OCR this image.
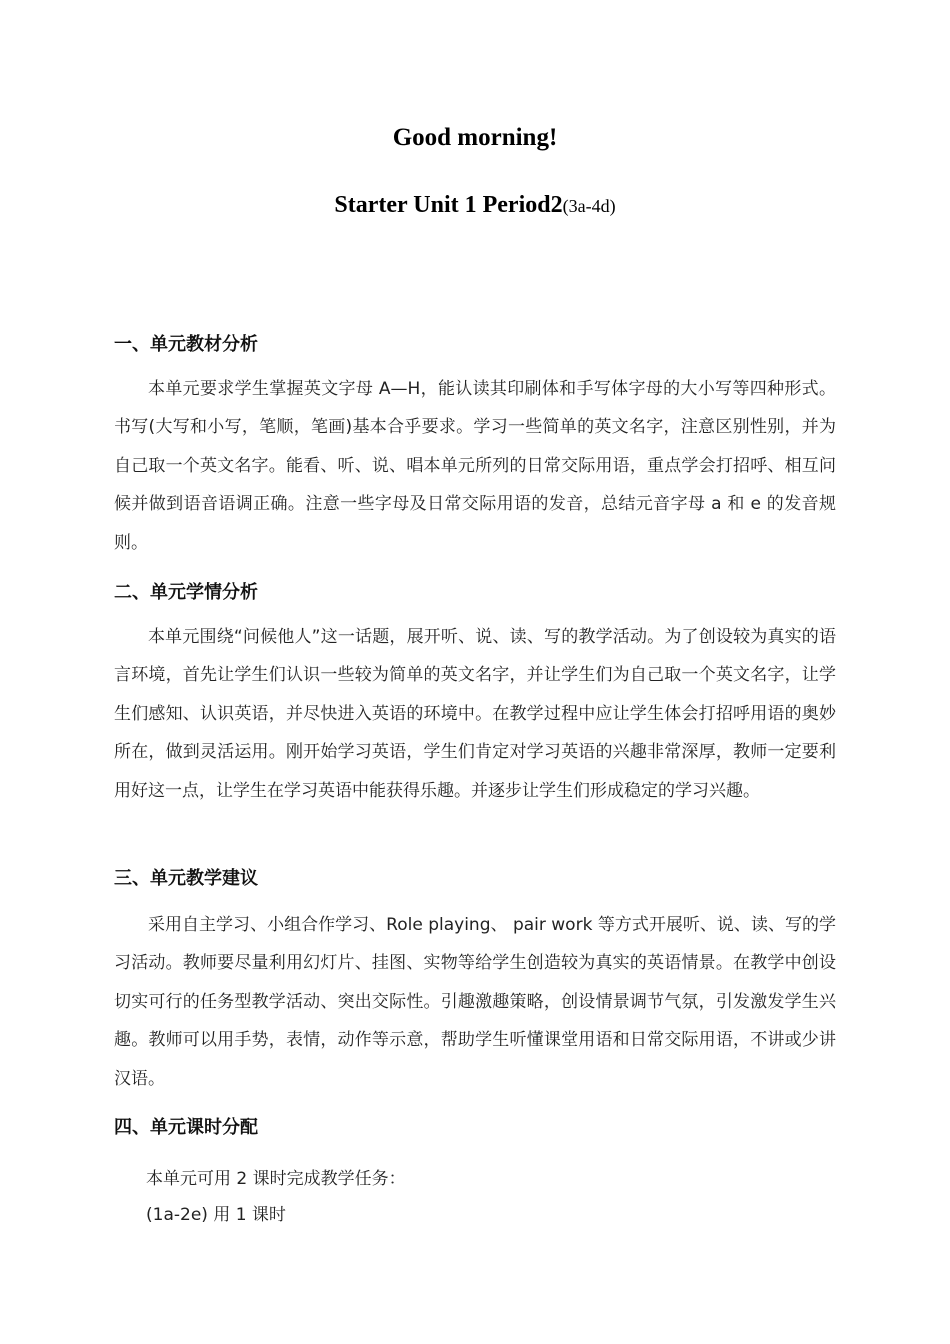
Good morning!
Starter Unit 1 Period2(3a-4d)
一、单元教材分析
本单元要求学生掌握英文字母 A—H，能认读其印刷体和手写体字母的大小写等四种形式。书写(大写和小写，笔顺，笔画)基本合乎要求。学习一些简单的英文名字，注意区别性别，并为自己取一个英文名字。能看、听、说、唱本单元所列的日常交际用语，重点学会打招呼、相互问候并做到语音语调正确。注意一些字母及日常交际用语的发音，总结元音字母 a 和 e 的发音规则。
二、单元学情分析
本单元围绕“问候他人”这一话题，展开听、说、读、写的教学活动。为了创设较为真实的语言环境，首先让学生们认识一些较为简单的英文名字，并让学生们为自己取一个英文名字，让学生们感知、认识英语，并尽快进入英语的环境中。在教学过程中应让学生体会打招呼用语的奥妙所在，做到灵活运用。刚开始学习英语，学生们肯定对学习英语的兴趣非常深厚，教师一定要利用好这一点，让学生在学习英语中能获得乐趣。并逐步让学生们形成稳定的学习兴趣。
三、单元教学建议
采用自主学习、小组合作学习、Role playing、 pair work 等方式开展听、说、读、写的学习活动。教师要尽量利用幻灯片、挂图、实物等给学生创造较为真实的英语情景。在教学中创设切实可行的任务型教学活动、突出交际性。引趣激趣策略，创设情景调节气氛，引发激发学生兴趣。教师可以用手势，表情，动作等示意，帮助学生听懂课堂用语和日常交际用语，不讲或少讲汉语。
四、单元课时分配
本单元可用 2 课时完成教学任务：
(1a-2e) 用 1 课时
